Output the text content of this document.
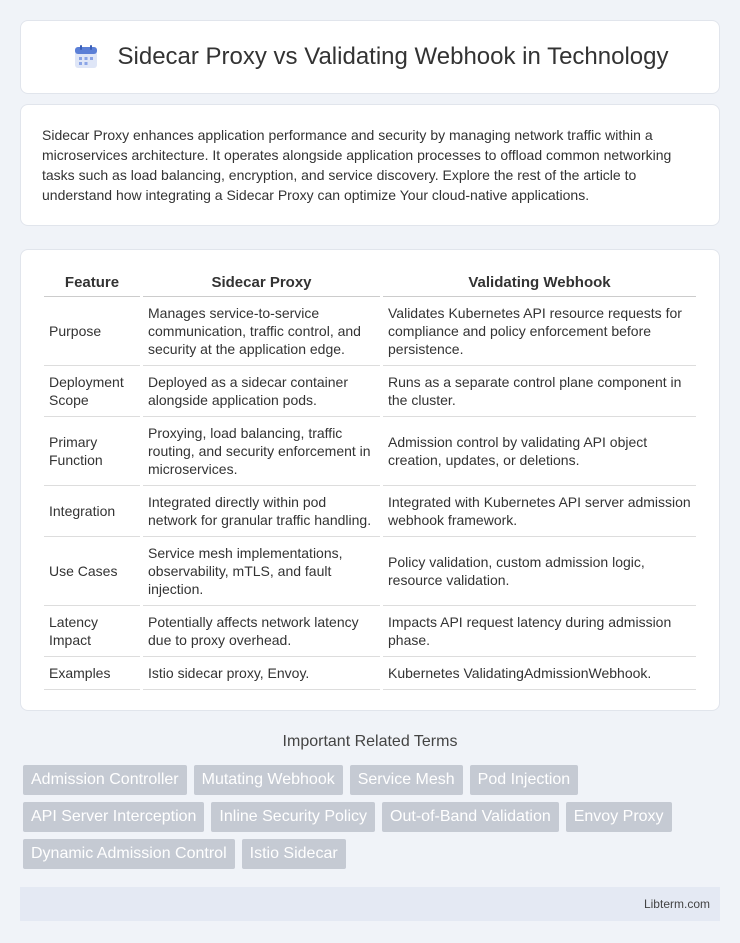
Sidecar Proxy vs Validating Webhook in Technology

Sidecar Proxy enhances application performance and security by managing network traffic within a microservices architecture. It operates alongside application processes to offload common networking tasks such as load balancing, encryption, and service discovery. Explore the rest of the article to understand how integrating a Sidecar Proxy can optimize Your cloud-native applications.

Feature	Sidecar Proxy	Validating Webhook
Purpose	Manages service-to-service communication, traffic control, and security at the application edge.	Validates Kubernetes API resource requests for compliance and policy enforcement before persistence.
Deployment Scope	Deployed as a sidecar container alongside application pods.	Runs as a separate control plane component in the cluster.
Primary Function	Proxying, load balancing, traffic routing, and security enforcement in microservices.	Admission control by validating API object creation, updates, or deletions.
Integration	Integrated directly within pod network for granular traffic handling.	Integrated with Kubernetes API server admission webhook framework.
Use Cases	Service mesh implementations, observability, mTLS, and fault injection.	Policy validation, custom admission logic, resource validation.
Latency Impact	Potentially affects network latency due to proxy overhead.	Impacts API request latency during admission phase.
Examples	Istio sidecar proxy, Envoy.	Kubernetes ValidatingAdmissionWebhook.
Important Related Terms
Admission Controller	Mutating Webhook	Service Mesh	Pod Injection
API Server Interception	Inline Security Policy	Out-of-Band Validation	Envoy Proxy
Dynamic Admission Control	Istio Sidecar
Libterm.com
